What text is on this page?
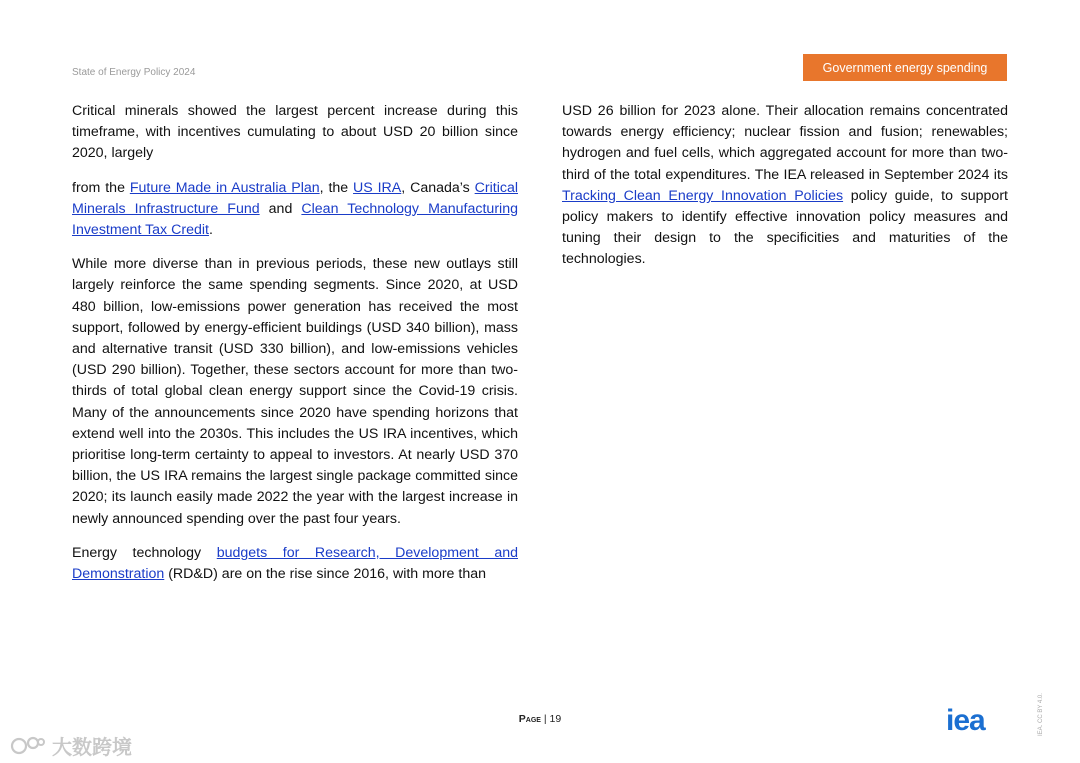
State of Energy Policy 2024	Government energy spending

Critical minerals showed the largest percent increase during this timeframe, with incentives cumulating to about USD 20 billion since 2020, largely

from the Future Made in Australia Plan, the US IRA, Canada’s Critical Minerals Infrastructure Fund and Clean Technology Manufacturing Investment Tax Credit.

While more diverse than in previous periods, these new outlays still largely reinforce the same spending segments. Since 2020, at USD 480 billion, low-emissions power generation has received the most support, followed by energy-efficient buildings (USD 340 billion), mass and alternative transit (USD 330 billion), and low-emissions vehicles (USD 290 billion). Together, these sectors account for more than two-thirds of total global clean energy support since the Covid-19 crisis. Many of the announcements since 2020 have spending horizons that extend well into the 2030s. This includes the US IRA incentives, which prioritise long-term certainty to appeal to investors. At nearly USD 370 billion, the US IRA remains the largest single package committed since 2020; its launch easily made 2022 the year with the largest increase in newly announced spending over the past four years.

Energy technology budgets for Research, Development and Demonstration (RD&D) are on the rise since 2016, with more than

USD 26 billion for 2023 alone. Their allocation remains concentrated towards energy efficiency; nuclear fission and fusion; renewables; hydrogen and fuel cells, which aggregated account for more than two-third of the total expenditures. The IEA released in September 2024 its Tracking Clean Energy Innovation Policies policy guide, to support policy makers to identify effective innovation policy measures and tuning their design to the specificities and maturities of the technologies.

Page | 19	iea	IEA. CC BY 4.0.
大数跨境
